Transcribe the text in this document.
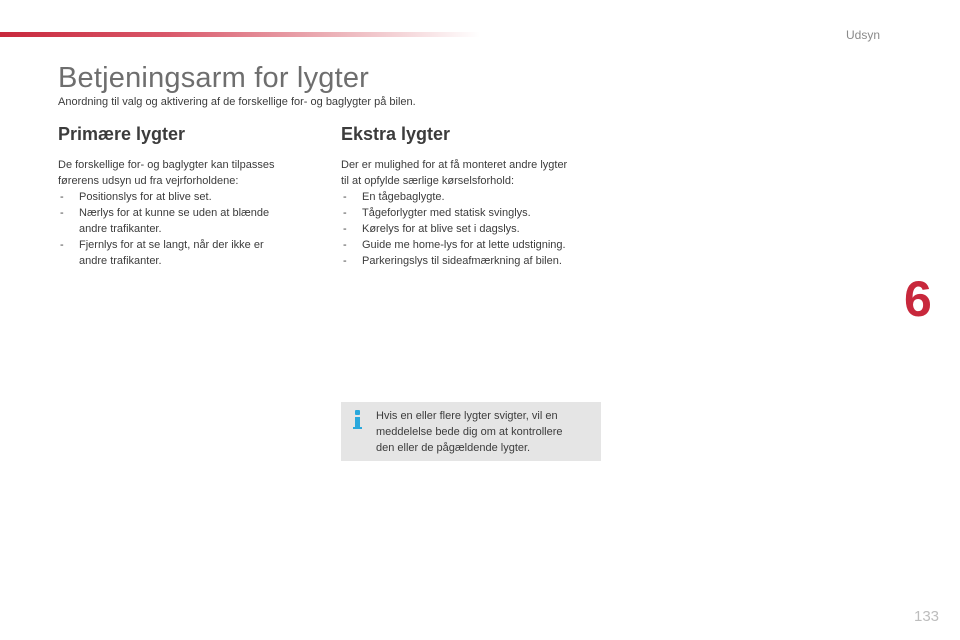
Udsyn
Betjeningsarm for lygter

Anordning til valg og aktivering af de forskellige for- og baglygter på bilen.

Primære lygter

De forskellige for- og baglygter kan tilpasses
førerens udsyn ud fra vejrforholdene:

- Positionslys for at blive set.
- Nærlys for at kunne se uden at blænde
andre trafikanter.
- Fjernlys for at se langt, når der ikke er
andre trafikanter.
Ekstra lygter

Der er mulighed for at få monteret andre lygter
til at opfylde særlige kørselsforhold:

- En tågebaglygte.
- Tågeforlygter med statisk svinglys.
- Kørelys for at blive set i dagslys.
- Guide me home-lys for at lette udstigning.
- Parkeringslys til sideafmærkning af bilen.

Hvis en eller flere lygter svigter, vil en
meddelelse bede dig om at kontrollere
den eller de pågældende lygter.

6
133
